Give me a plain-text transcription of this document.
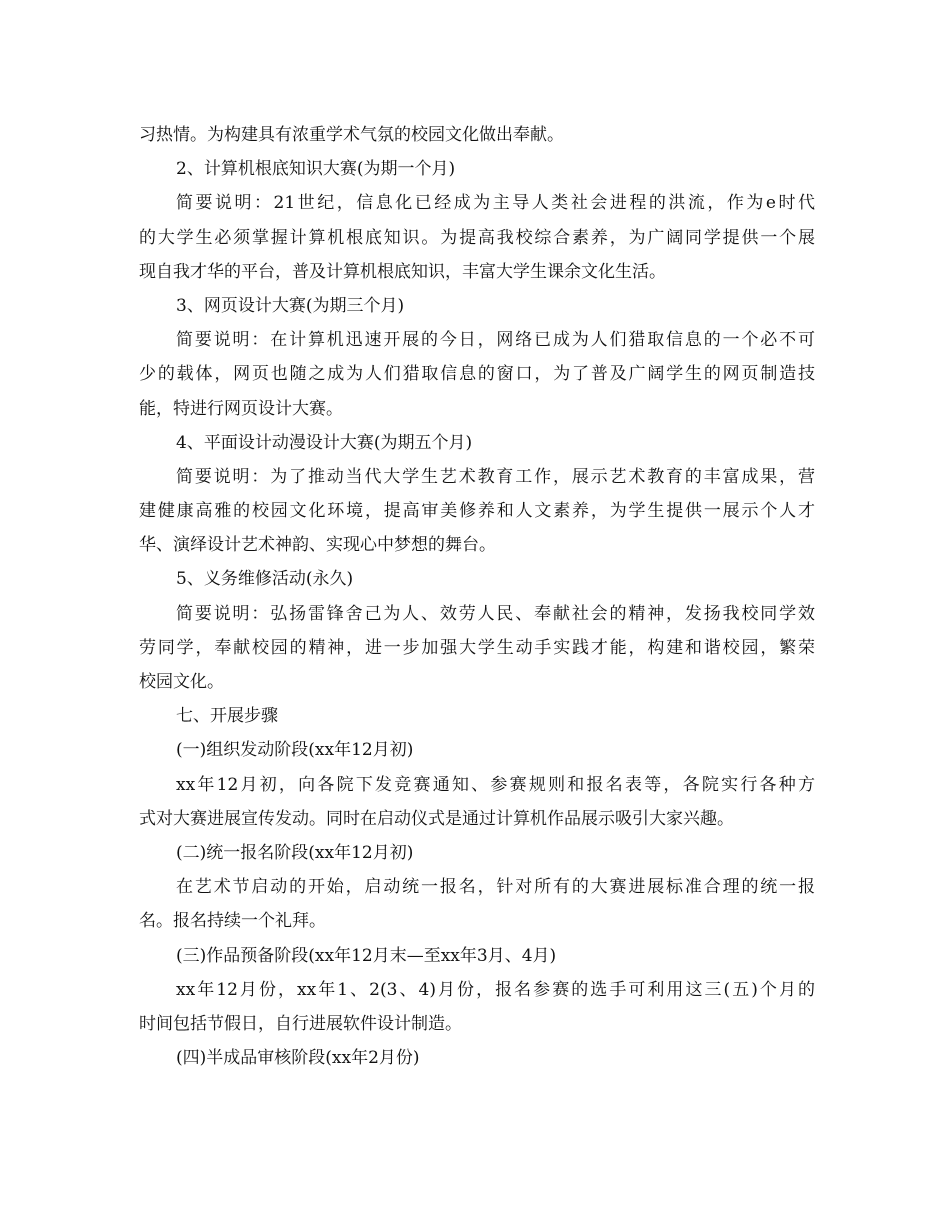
习热情。为构建具有浓重学术气氛的校园文化做出奉献。
2、计算机根底知识大赛(为期一个月)
简要说明：21世纪，信息化已经成为主导人类社会进程的洪流，作为e时代
的大学生必须掌握计算机根底知识。为提高我校综合素养，为广阔同学提供一个展
现自我才华的平台，普及计算机根底知识，丰富大学生课余文化生活。
3、网页设计大赛(为期三个月)
简要说明：在计算机迅速开展的今日，网络已成为人们猎取信息的一个必不可
少的载体，网页也随之成为人们猎取信息的窗口，为了普及广阔学生的网页制造技
能，特进行网页设计大赛。
4、平面设计动漫设计大赛(为期五个月)
简要说明：为了推动当代大学生艺术教育工作，展示艺术教育的丰富成果，营
建健康高雅的校园文化环境，提高审美修养和人文素养，为学生提供一展示个人才
华、演绎设计艺术神韵、实现心中梦想的舞台。
5、义务维修活动(永久)
简要说明：弘扬雷锋舍己为人、效劳人民、奉献社会的精神，发扬我校同学效
劳同学，奉献校园的精神，进一步加强大学生动手实践才能，构建和谐校园，繁荣
校园文化。
七、开展步骤
(一)组织发动阶段(xx年12月初)
xx年12月初，向各院下发竞赛通知、参赛规则和报名表等，各院实行各种方
式对大赛进展宣传发动。同时在启动仪式是通过计算机作品展示吸引大家兴趣。
(二)统一报名阶段(xx年12月初)
在艺术节启动的开始，启动统一报名，针对所有的大赛进展标准合理的统一报
名。报名持续一个礼拜。
(三)作品预备阶段(xx年12月末—至xx年3月、4月)
xx年12月份，xx年1、2(3、4)月份，报名参赛的选手可利用这三(五)个月的
时间包括节假日，自行进展软件设计制造。
(四)半成品审核阶段(xx年2月份)
